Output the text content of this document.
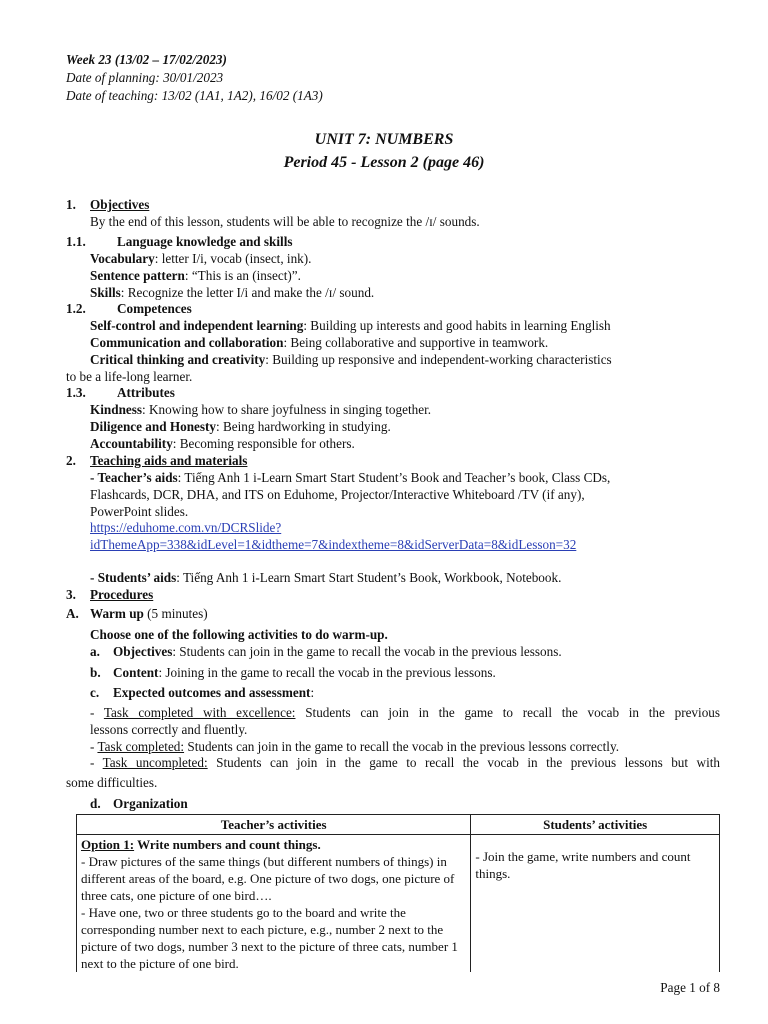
Week 23 (13/02 – 17/02/2023)
Date of planning: 30/01/2023
Date of teaching: 13/02 (1A1, 1A2), 16/02 (1A3)
UNIT 7: NUMBERS
Period 45 - Lesson 2 (page 46)
1. Objectives
By the end of this lesson, students will be able to recognize the /ɪ/ sounds.
1.1. Language knowledge and skills
Vocabulary: letter I/i, vocab (insect, ink).
Sentence pattern: “This is an (insect)”.
Skills: Recognize the letter I/i and make the /ɪ/ sound.
1.2. Competences
Self-control and independent learning: Building up interests and good habits in learning English
Communication and collaboration: Being collaborative and supportive in teamwork.
Critical thinking and creativity: Building up responsive and independent-working characteristics
to be a life-long learner.
1.3. Attributes
Kindness: Knowing how to share joyfulness in singing together.
Diligence and Honesty: Being hardworking in studying.
Accountability: Becoming responsible for others.
2. Teaching aids and materials
- Teacher’s aids: Tiếng Anh 1 i-Learn Smart Start Student’s Book and Teacher’s book, Class CDs,
Flashcards, DCR, DHA, and ITS on Eduhome, Projector/Interactive Whiteboard /TV (if any),
PowerPoint slides.
https://eduhome.com.vn/DCRSlide?
idThemeApp=338&idLevel=1&idtheme=7&indextheme=8&idServerData=8&idLesson=32
- Students’ aids: Tiếng Anh 1 i-Learn Smart Start Student’s Book, Workbook, Notebook.
3. Procedures
A. Warm up (5 minutes)
Choose one of the following activities to do warm-up.
a. Objectives: Students can join in the game to recall the vocab in the previous lessons.
b. Content: Joining in the game to recall the vocab in the previous lessons.
c. Expected outcomes and assessment:
- Task completed with excellence: Students can join in the game to recall the vocab in the previous
lessons correctly and fluently.
- Task completed: Students can join in the game to recall the vocab in the previous lessons correctly.
- Task uncompleted: Students can join in the game to recall the vocab in the previous lessons but with
some difficulties.
d. Organization
Teacher’s activities	Students’ activities

Option 1: Write numbers and count things.
- Draw pictures of the same things (but different numbers of things) in different areas of the board, e.g. One picture of two dogs, one picture of three cats, one picture of one bird….
- Have one, two or three students go to the board and write the corresponding number next to each picture, e.g., number 2 next to the picture of two dogs, number 3 next to the picture of three cats, number 1 next to the picture of one bird.	- Join the game, write numbers and count things.
Page 1 of 8
